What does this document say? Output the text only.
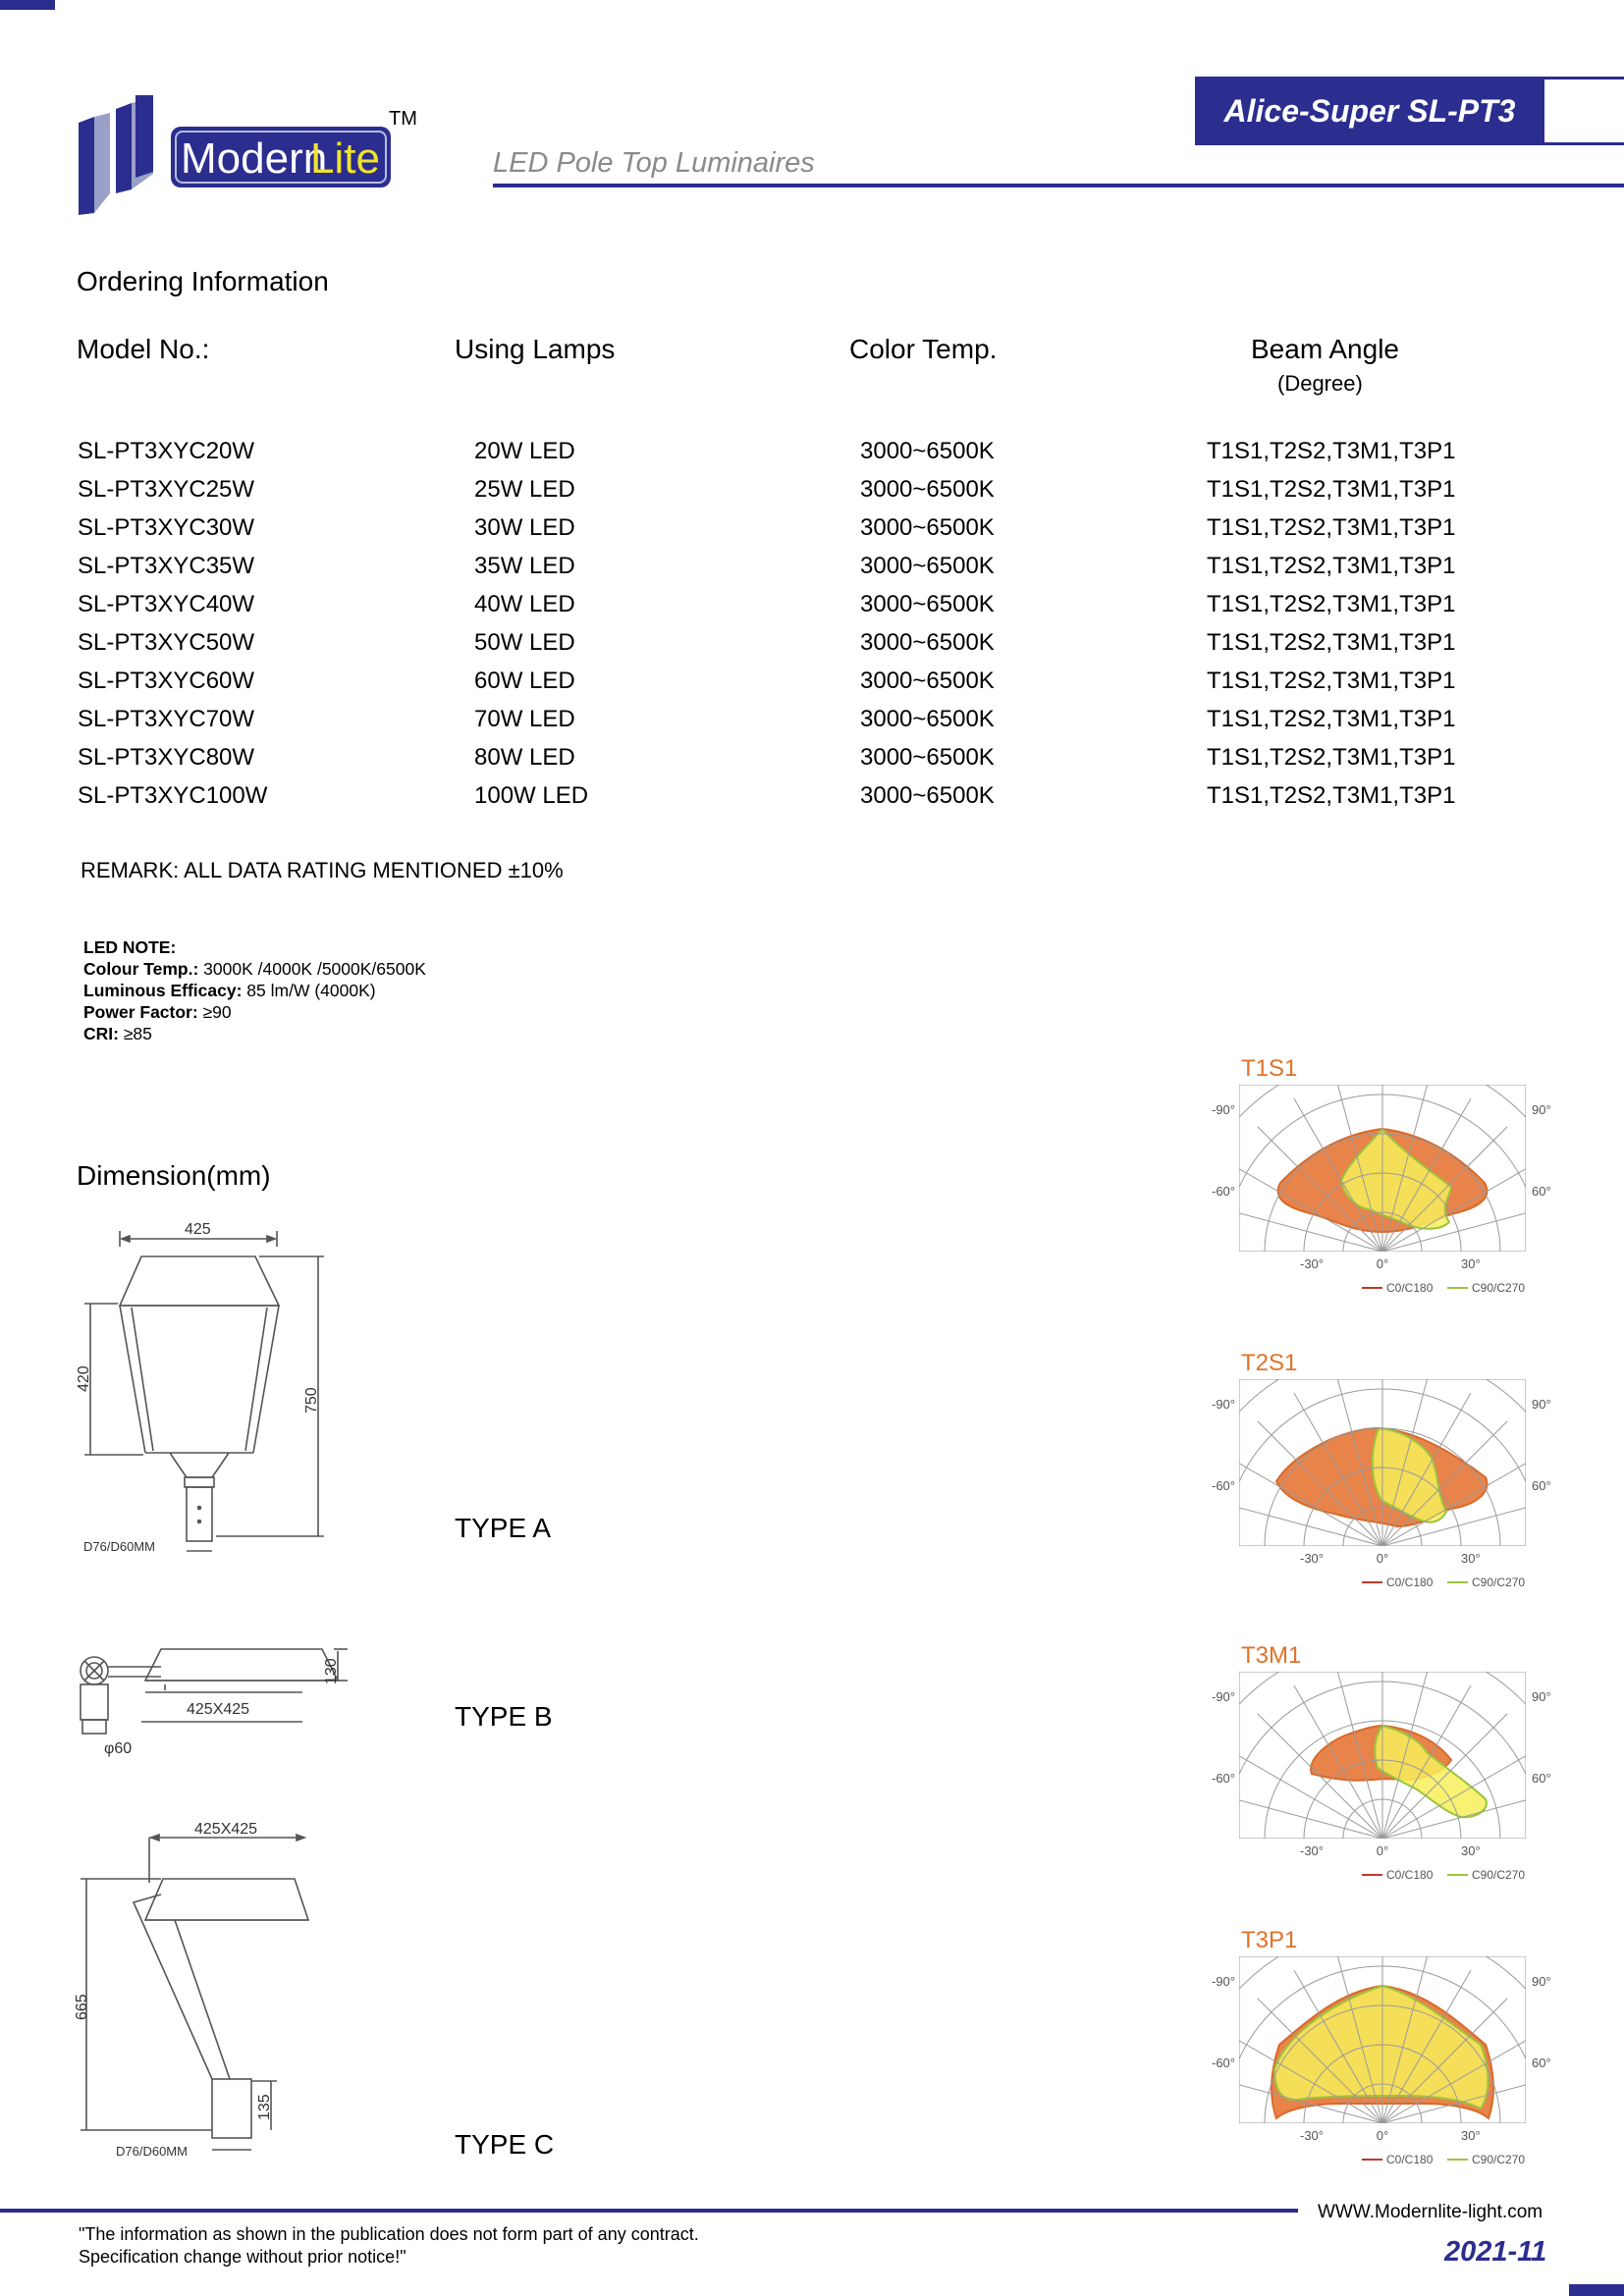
Modern
Lite
TM
LED Pole Top Luminaires
Alice-Super SL-PT3
Ordering Information
Model No.:	Using Lamps	Color Temp.	Beam Angle
(Degree)
SL-PT3XYC20W	20W LED	3000~6500K	T1S1,T2S2,T3M1,T3P1
SL-PT3XYC25W	25W LED	3000~6500K	T1S1,T2S2,T3M1,T3P1
SL-PT3XYC30W	30W LED	3000~6500K	T1S1,T2S2,T3M1,T3P1
SL-PT3XYC35W	35W LED	3000~6500K	T1S1,T2S2,T3M1,T3P1
SL-PT3XYC40W	40W LED	3000~6500K	T1S1,T2S2,T3M1,T3P1
SL-PT3XYC50W	50W LED	3000~6500K	T1S1,T2S2,T3M1,T3P1
SL-PT3XYC60W	60W LED	3000~6500K	T1S1,T2S2,T3M1,T3P1
SL-PT3XYC70W	70W LED	3000~6500K	T1S1,T2S2,T3M1,T3P1
SL-PT3XYC80W	80W LED	3000~6500K	T1S1,T2S2,T3M1,T3P1
SL-PT3XYC100W	100W LED	3000~6500K	T1S1,T2S2,T3M1,T3P1
REMARK: ALL DATA RATING MENTIONED ±10%
LED NOTE:
Colour Temp.: 3000K /4000K /5000K/6500K
Luminous Efficacy: 85 lm/W (4000K)
Power Factor: ≥90
CRI: ≥85
Dimension(mm)
425
420
750
D76/D60MM
TYPE A
425X425
130
φ60
TYPE B
425X425
665
135
D76/D60MM	TYPE C
T1S1
-90°	90°
-60°	60°
-30°	0°	30°
C0/C180	C90/C270
T2S1
-90°	90°
-60°	60°
-30°	0°	30°
C0/C180	C90/C270
T3M1
-90°	90°
-60°	60°
-30°	0°	30°
C0/C180	C90/C270
T3P1
-90°	90°
-60°	60°
-30°	0°	30°
C0/C180	C90/C270
"The information as shown in the publication does not form part of any contract.
Specification change without prior notice!"
WWW.Modernlite-light.com
2021-11
